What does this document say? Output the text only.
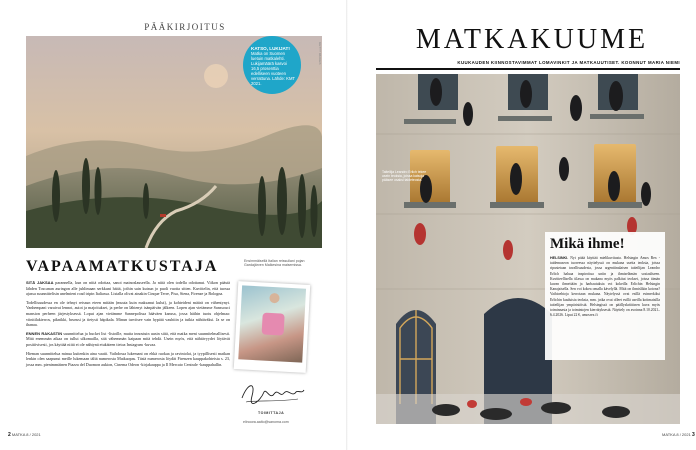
PÄÄKIRJOITUS
GETTY IMAGES
KATSO, LUKIJAT!
Matka on Suomen luetuin matkalehti. Lukijamäärä kasvoi 16,5 prosenttia edelliseen vuoteen verrattuna. Lähde: KMT 2021.
VAPAAMATKUSTAJA	Ensimmäisellä Italian reissullani pojan Gardajärven Malkesina maisemissa.

SITÄ JAKSAA parannella, kun on niitä odottaa, sanoi mainoslauseella. Ja niitä olen todella odottanut. Viikon päästä lähden Toscanan auringon alle juhlimaan serkkuni häitä, joihin sain kutsun jo puoli vuotta sitten. Kuvittelin, että tuossa ajassa suunnittelisin unelmieni road tripin Italiassa. Listalla olivat ainakin Cinque Terre, Pisa, Siena, Firenze ja Bologna.

Todellisuudessa en ole tehnyt reissun eteen mitään (muuta kuin maksanut kulut), ja kohteideni määrä on vähentynyt. Vanhempani varaivat lennot, autot ja majoitukset, ja perhe on lähtenyt isänpäivän jälkeen. Lopen ajan vietämme Sanssouci mansion perheen järjestyksessä. Loput ajan vietämme Sannepolissa hääväen kanssa, jossa häihin tuotu ohjelmaa: viinitilakierros, piknikki, brunssi ja tietysti häpikala. Minun tarvitsee vain hypätä vauhtiin ja tutkia nähtäväksi. Ja se on ihanaa.

ENNEN RAKASTIN suunnittelua ja bucket list -listoille, mutta innostuin uusin siitä, että matka meni suunnitelmallisesti. Mitä enemmän aikaa on tullut ulkomailla, sitä vähemmän kaipaan mitä tehdä. Usein myös, että nähtävyydet löytävät positiivisesti, jos käyttää niitä ei ole nähtynä etukäteen tietoa Instagram -kuvaa.

Hieman suunnittelua minua kuitenkin aina vaatii. Vaihdossa lukemani on ehkä ruokaa ja ravintolat, ja tyypillisesti matkan lenkin olen saapunut meille lukemaan tältä numerosta Matkaopas. Tästä numerosta löydät Firenzen kauppakohteista s. 23, jossa mm. pienimmäinen Piazza del Duomon aukion, Cinema Odeon -kirjakauppa ja Il Mercato Centrale -kauppahallin.

TOIMITTAJA
elinoora.aalto@sanoma.com
2 MATKA 8 / 2021
MATKAKUUME
KUUKAUDEN KIINNOSTAVIMMAT LOMAVINKIT JA MATKAUUTISET. KOONNUT MARIA NIEMI
Taiteilija Leandro Erlich tekee usein teoksia, joissa katsoja pääsee osaksi taideteosta.
Mikä ihme!
HELSINKI. Nyt pitää käyttää mielikuvitusta. Helsingin Amos Rex -taidemuseon tuoreessa näyttelyssä on mukana useita teoksia, joissa ripustetaan tavallisuudesta, jossa argentiinalaisen taiteilijan Leandro Erlich haluaa inspiroitua uniin ja ihmiselämän sosiaaliseen. Kuvitteellisella tilassa on mukana myös palkitut teokset, joissa tämän kuvan ihmeitään ja harhautuksia voi kokeilla Erlichin Helsingin Kanajaisella. Sen voi kokea omalla kävelyllä. Mitä on ihmislikin kotona? Vaihtoehtoja kerrotaan mukana. Näytelyssä ovat esillä esimerkiksi Erlichin kuuluisia teoksia, mm. jotka ovat olleet esillä useilla kotimaisilla taiteilijan ympäristöistä. Helsingissä on päällyskriittinen kuva myös toiminnasta ja toimintojen kierrätyksestä. Näyttely on avoinna 8.10.2021–6.4.2026. Liput 22 €, amosrex.fi
MATKA 8 / 2021 3
